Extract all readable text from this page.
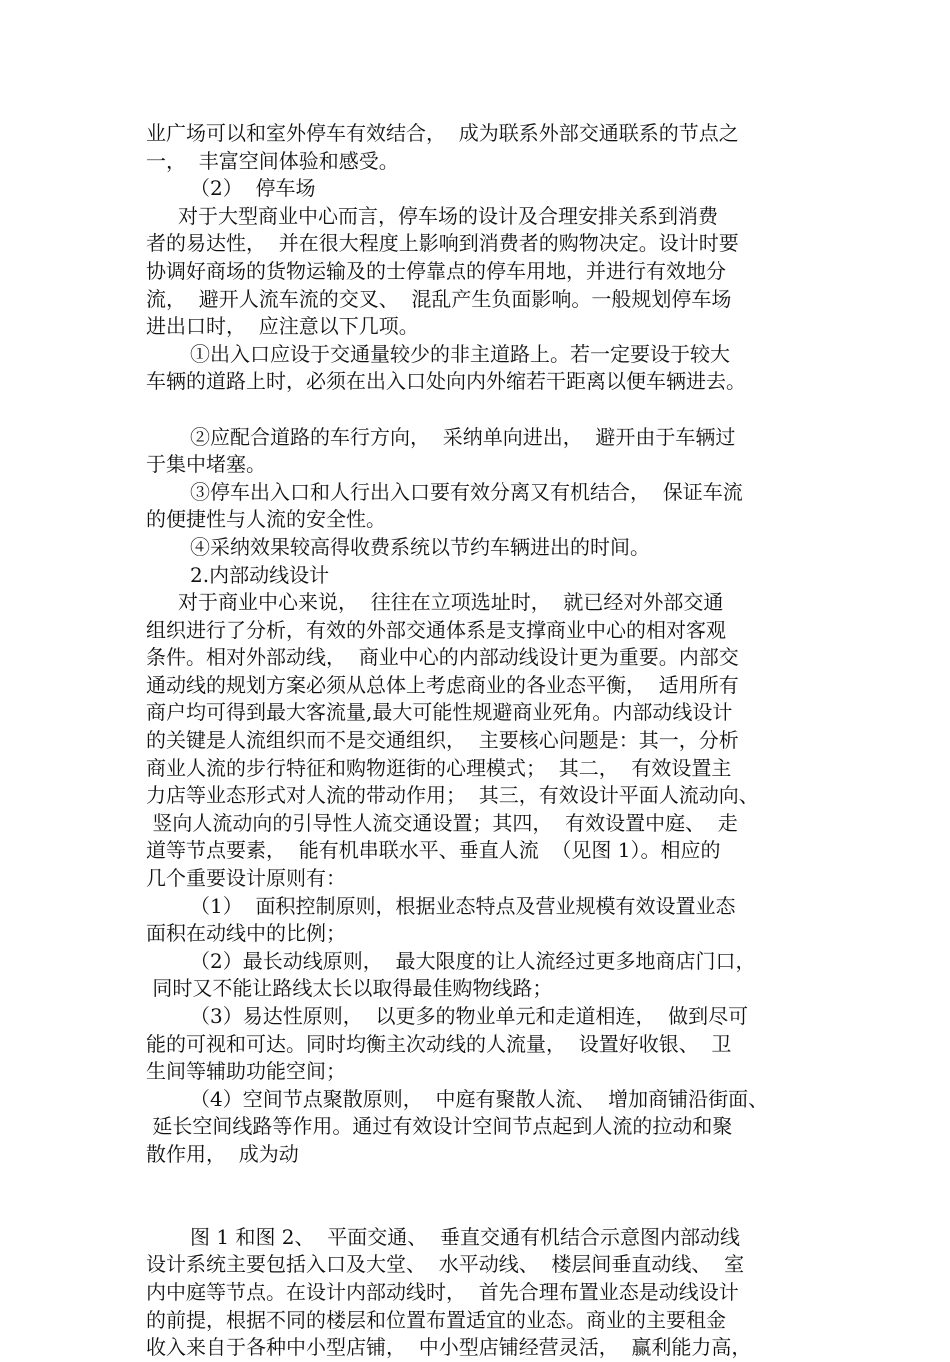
业广场可以和室外停车有效结合，  成为联系外部交通联系的节点之
一，  丰富空间体验和感受。
（2）  停车场
对于大型商业中心而言，停车场的设计及合理安排关系到消费
者的易达性，  并在很大程度上影响到消费者的购物决定。设计时要
协调好商场的货物运输及的士停靠点的停车用地，并进行有效地分
流，  避开人流车流的交叉、  混乱产生负面影响。一般规划停车场
进出口时，  应注意以下几项。
①出入口应设于交通量较少的非主道路上。若一定要设于较大
车辆的道路上时，必须在出入口处向内外缩若干距离以便车辆进去。
②应配合道路的车行方向，  采纳单向进出，  避开由于车辆过
于集中堵塞。
③停车出入口和人行出入口要有效分离又有机结合，  保证车流
的便捷性与人流的安全性。
④采纳效果较高得收费系统以节约车辆进出的时间。
2.内部动线设计
对于商业中心来说，  往往在立项选址时，  就已经对外部交通
组织进行了分析，有效的外部交通体系是支撑商业中心的相对客观
条件。相对外部动线，  商业中心的内部动线设计更为重要。内部交
通动线的规划方案必须从总体上考虑商业的各业态平衡，  适用所有
商户均可得到最大客流量,最大可能性规避商业死角。内部动线设计
的关键是人流组织而不是交通组织，  主要核心问题是：其一，分析
商业人流的步行特征和购物逛街的心理模式；  其二，  有效设置主
力店等业态形式对人流的带动作用；  其三，有效设计平面人流动向、
竖向人流动向的引导性人流交通设置；其四，  有效设置中庭、  走
道等节点要素，  能有机串联水平、垂直人流  （见图 1）。相应的
几个重要设计原则有：
（1）  面积控制原则，根据业态特点及营业规模有效设置业态
面积在动线中的比例；
（2）最长动线原则，  最大限度的让人流经过更多地商店门口，
同时又不能让路线太长以取得最佳购物线路；
（3）易达性原则，  以更多的物业单元和走道相连，  做到尽可
能的可视和可达。同时均衡主次动线的人流量，  设置好收银、  卫
生间等辅助功能空间；
（4）空间节点聚散原则，  中庭有聚散人流、  增加商铺沿街面、
延长空间线路等作用。通过有效设计空间节点起到人流的拉动和聚
散作用，  成为动
图 1 和图 2、  平面交通、  垂直交通有机结合示意图内部动线
设计系统主要包括入口及大堂、  水平动线、  楼层间垂直动线、  室
内中庭等节点。在设计内部动线时，  首先合理布置业态是动线设计
的前提，根据不同的楼层和位置布置适宜的业态。商业的主要租金
收入来自于各种中小型店铺，  中小型店铺经营灵活，  赢利能力高，
